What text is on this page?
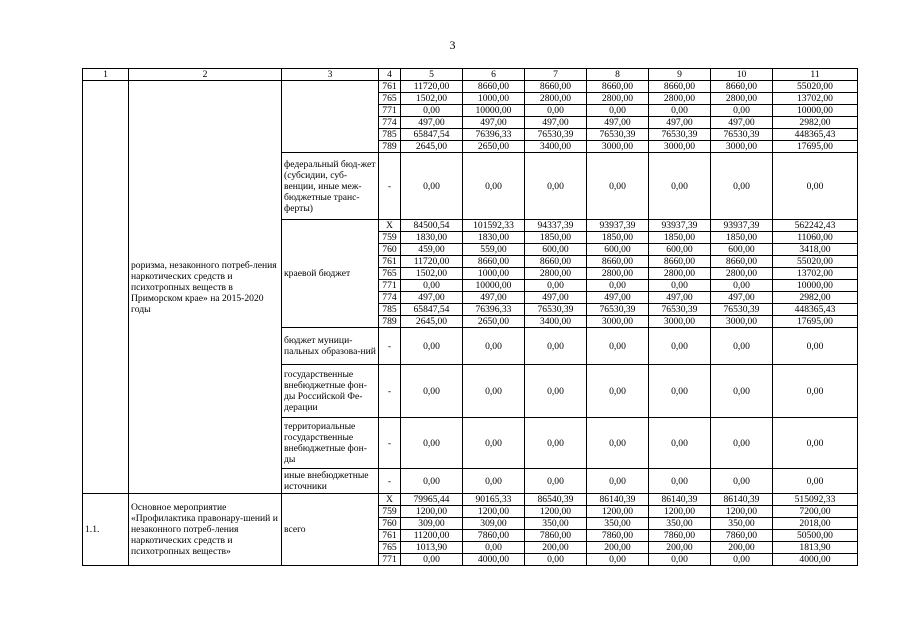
3
1	2	3	4	5	6	7	8	9	10	11
	роризма, незаконного потреб-ления наркотических средств и психотропных веществ в Приморском крае» на 2015-2020 годы		761	11720,00	8660,00	8660,00	8660,00	8660,00	8660,00	55020,00
			765	1502,00	1000,00	2800,00	2800,00	2800,00	2800,00	13702,00
			771	0,00	10000,00	0,00	0,00	0,00	0,00	10000,00
			774	497,00	497,00	497,00	497,00	497,00	497,00	2982,00
			785	65847,54	76396,33	76530,39	76530,39	76530,39	76530,39	448365,43
			789	2645,00	2650,00	3400,00	3000,00	3000,00	3000,00	17695,00
		федеральный бюд-жет (субсидии, суб-венции, иные меж-бюджетные транс-ферты)	-	0,00	0,00	0,00	0,00	0,00	0,00	0,00
		краевой бюджет	X	84500,54	101592,33	94337,39	93937,39	93937,39	93937,39	562242,43
			759	1830,00	1830,00	1850,00	1850,00	1850,00	1850,00	11060,00
			760	459,00	559,00	600,00	600,00	600,00	600,00	3418,00
			761	11720,00	8660,00	8660,00	8660,00	8660,00	8660,00	55020,00
			765	1502,00	1000,00	2800,00	2800,00	2800,00	2800,00	13702,00
			771	0,00	10000,00	0,00	0,00	0,00	0,00	10000,00
			774	497,00	497,00	497,00	497,00	497,00	497,00	2982,00
			785	65847,54	76396,33	76530,39	76530,39	76530,39	76530,39	448365,43
			789	2645,00	2650,00	3400,00	3000,00	3000,00	3000,00	17695,00
		бюджет муници-пальных образова-ний	-	0,00	0,00	0,00	0,00	0,00	0,00	0,00
		государственные внебюджетные фон-ды Российской Фе-дерации	-	0,00	0,00	0,00	0,00	0,00	0,00	0,00
		территориальные государственные внебюджетные фон-ды	-	0,00	0,00	0,00	0,00	0,00	0,00	0,00
		иные внебюджетные источники	-	0,00	0,00	0,00	0,00	0,00	0,00	0,00
1.1.	Основное мероприятие «Профилактика правонару-шений и незаконного потреб-ления наркотических средств и психотропных веществ»	всего	X	79965,44	90165,33	86540,39	86140,39	86140,39	86140,39	515092,33
			759	1200,00	1200,00	1200,00	1200,00	1200,00	1200,00	7200,00
			760	309,00	309,00	350,00	350,00	350,00	350,00	2018,00
			761	11200,00	7860,00	7860,00	7860,00	7860,00	7860,00	50500,00
			765	1013,90	0,00	200,00	200,00	200,00	200,00	1813,90
			771	0,00	4000,00	0,00	0,00	0,00	0,00	4000,00
